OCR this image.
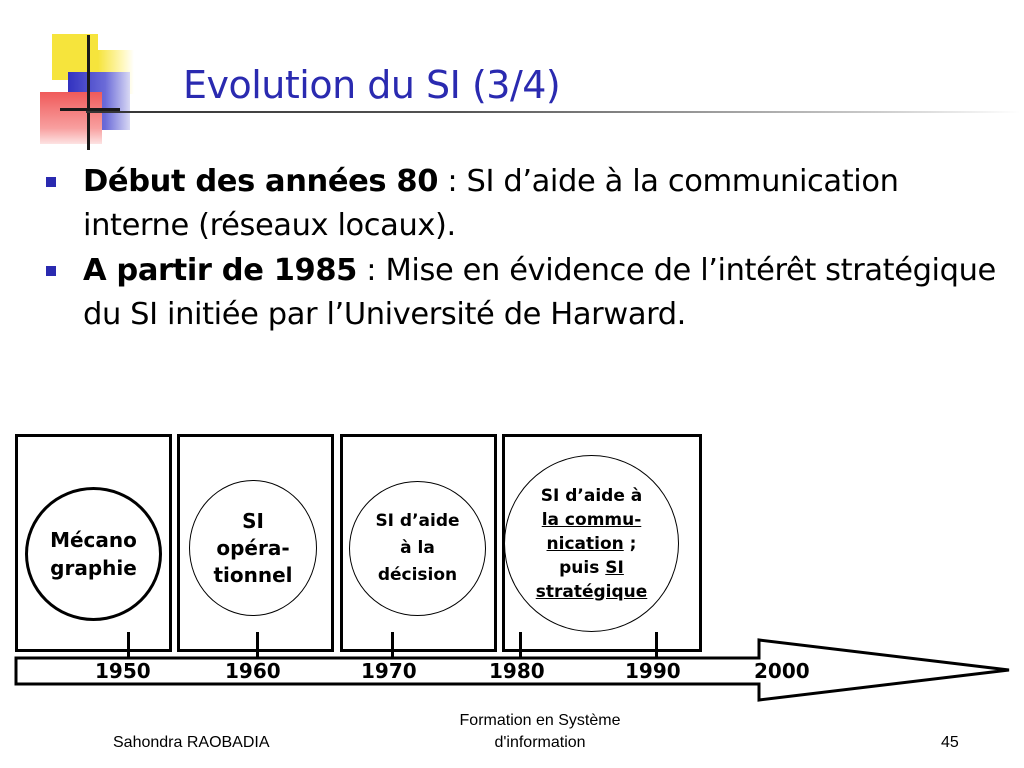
Evolution du SI (3/4)
Début des années 80 : SI d’aide à la communication interne (réseaux locaux).
A partir de 1985 : Mise en évidence de l’intérêt stratégique du SI initiée par l’Université de Harward.
Mécano
graphie
SI
opéra-
tionnel
SI d’aide
à la
décision
SI d’aide à
la commu-
nication ;
puis SI
stratégique
1950	1960	1970	1980	1990	2000
Sahondra RAOBADIA
Formation en Système
d'information	45
